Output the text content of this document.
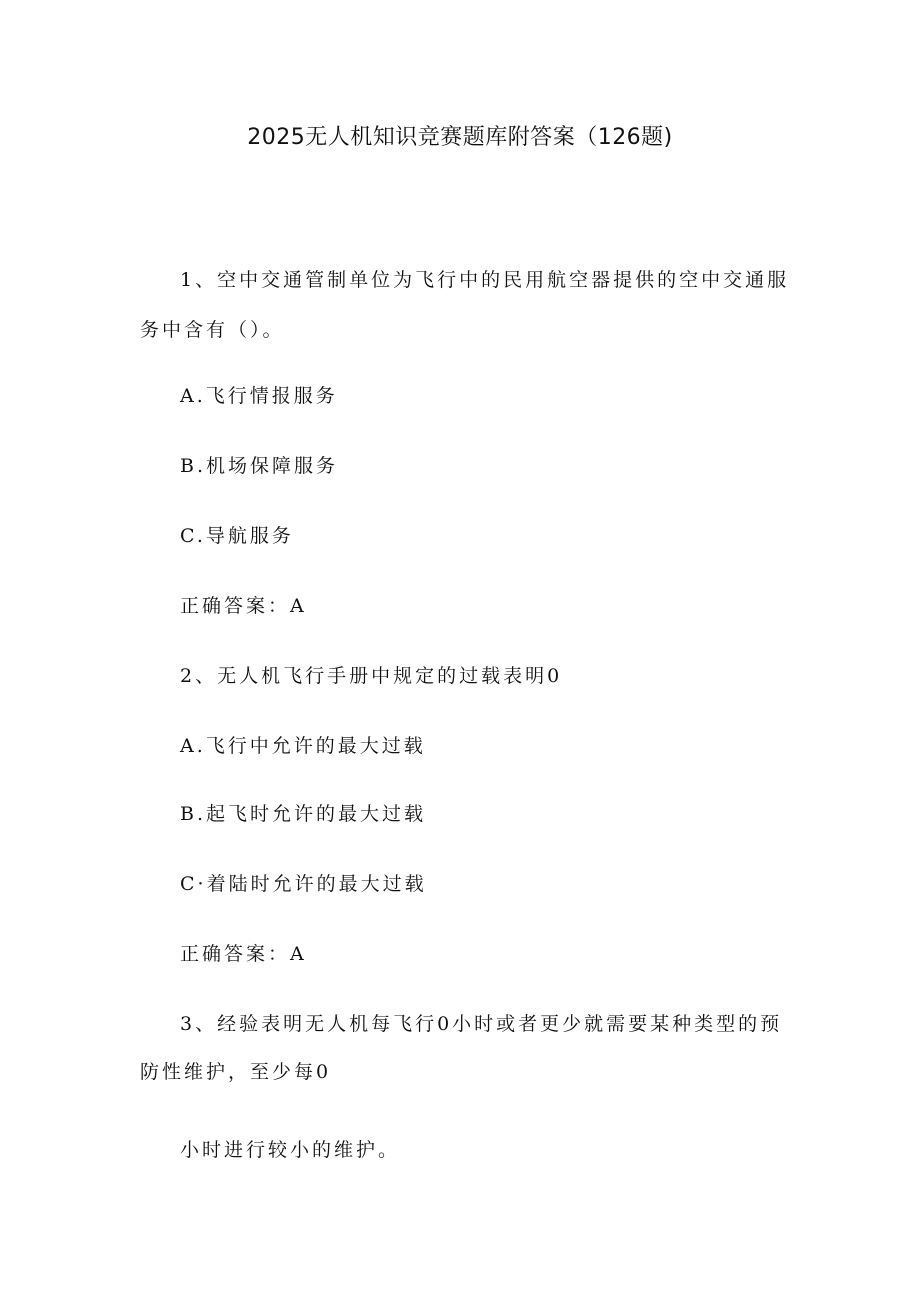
2025无人机知识竞赛题库附答案（126题)
1、空中交通管制单位为飞行中的民用航空器提供的空中交通服
务中含有（）。
A.飞行情报服务
B.机场保障服务
C.导航服务
正确答案：A
2、无人机飞行手册中规定的过载表明0
A.飞行中允许的最大过载
B.起飞时允许的最大过载
C·着陆时允许的最大过载
正确答案：A
3、经验表明无人机每飞行0小时或者更少就需要某种类型的预
防性维护，至少每0
小时进行较小的维护。
